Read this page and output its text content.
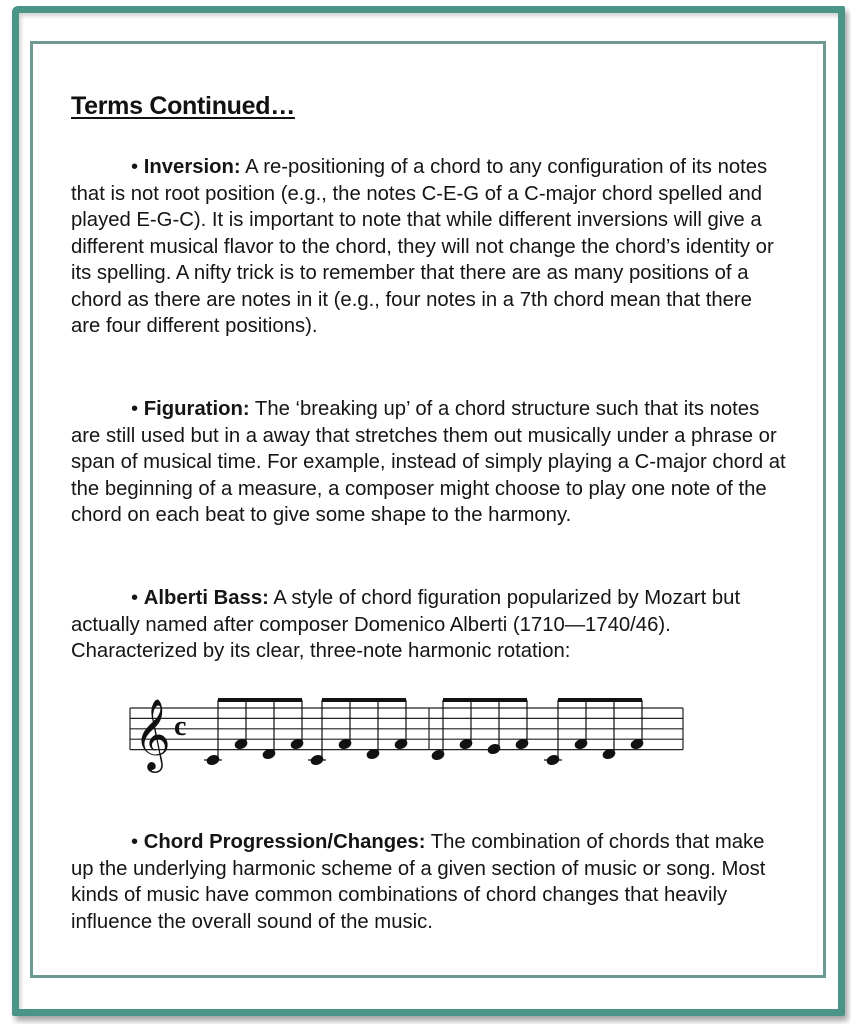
Terms Continued…
• Inversion: A re-positioning of a chord to any configuration of its notes that is not root position (e.g., the notes C-E-G of a C-major chord spelled and played E-G-C). It is important to note that while different inversions will give a different musical flavor to the chord, they will not change the chord’s identity or its spelling. A nifty trick is to remember that there are as many positions of a chord as there are notes in it (e.g., four notes in a 7th chord mean that there are four different positions).
• Figuration: The ‘breaking up’ of a chord structure such that its notes are still used but in a away that stretches them out musically under a phrase or span of musical time. For example, instead of simply playing a C-major chord at the beginning of a measure, a composer might choose to play one note of the chord on each beat to give some shape to the harmony.
• Alberti Bass: A style of chord figuration popularized by Mozart but actually named after composer Domenico Alberti (1710—1740/46). Characterized by its clear, three-note harmonic rotation:
𝄞 c
• Chord Progression/Changes: The combination of chords that make up the underlying harmonic scheme of a given section of music or song. Most kinds of music have common combinations of chord changes that heavily influence the overall sound of the music.
